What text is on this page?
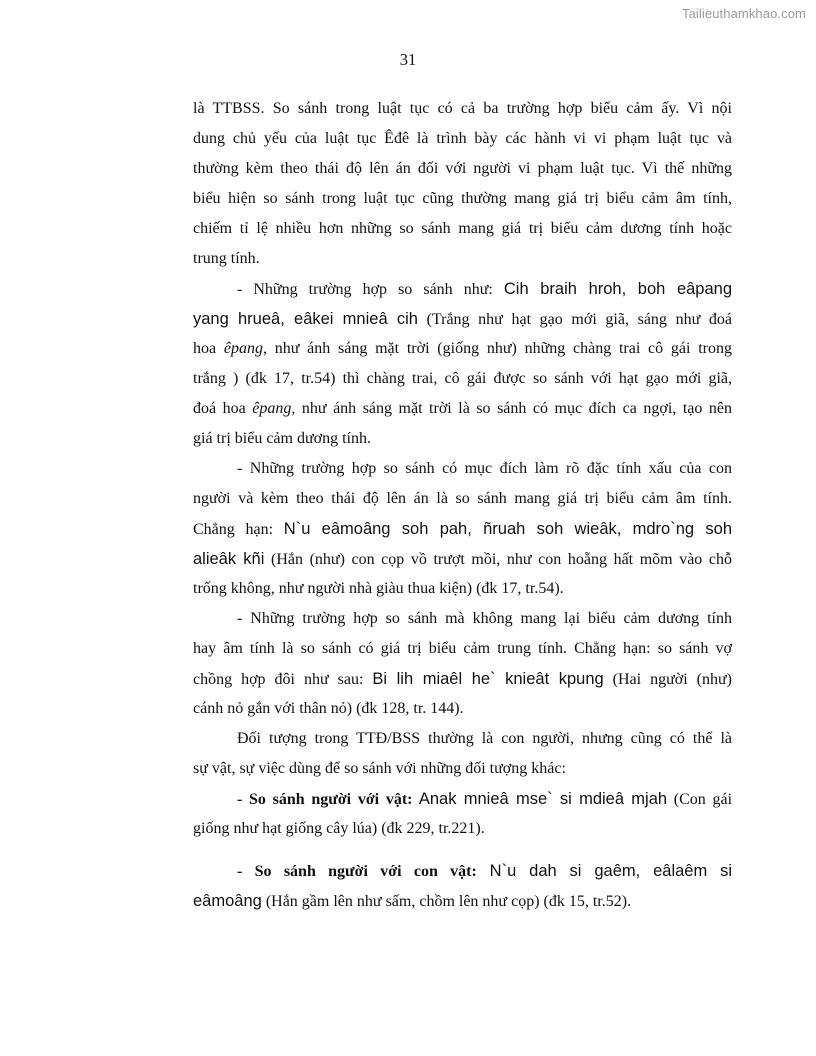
Tailieuthamkhao.com
31
là TTBSS. So sánh trong luật tục có cả ba trường hợp biểu cảm ấy. Vì nội
dung chủ yếu của luật tục Êđê là trình bày các hành vi vi phạm luật tục và
thường kèm theo thái độ lên án đối với người vi phạm luật tục. Vì thế những
biểu hiện so sánh trong luật tục cũng thường mang giá trị biểu cảm âm tính,
chiếm tỉ lệ nhiều hơn những so sánh mang giá trị biểu cảm dương tính hoặc
trung tính.
- Những trường hợp so sánh như: Cih braih hroh, boh eâpang
yang hrueâ, eâkei mnieâ cih (Trắng như hạt gạo mới giã, sáng như đoá
hoa êpang, như ánh sáng mặt trời (giống như) những chàng trai cô gái trong
trắng ) (đk 17, tr.54) thì chàng trai, cô gái được so sánh với hạt gạo mới giã,
đoá hoa êpang, như ánh sáng mặt trời là so sánh có mục đích ca ngợi, tạo nên
giá trị biểu cảm dương tính.
- Những trường hợp so sánh có mục đích làm rõ đặc tính xấu của con
người và kèm theo thái độ lên án là so sánh mang giá trị biểu cảm âm tính.
Chẳng hạn: N`u eâmoâng soh pah, ñruah soh wieâk, mdro`ng soh
alieâk kñi (Hắn (như) con cọp vồ trượt mồi, như con hoẵng hất mõm vào chỗ
trống không, như người nhà giàu thua kiện) (đk 17, tr.54).
- Những trường hợp so sánh mà không mang lại biểu cảm dương tính
hay âm tính là so sánh có giá trị biểu cảm trung tính. Chẳng hạn: so sánh vợ
chồng hợp đôi như sau: Bi lih miaêl he` knieât kpung (Hai người (như)
cánh nỏ gắn với thân nỏ) (đk 128, tr. 144).
Đối tượng trong TTĐ/BSS thường là con người, nhưng cũng có thể là
sự vật, sự việc dùng để so sánh với những đối tượng khác:
- So sánh người với vật: Anak mnieâ mse` si mdieâ mjah (Con gái
giống như hạt giống cây lúa) (đk 229, tr.221).
- So sánh người với con vật: N`u dah si gaêm, eâlaêm si
eâmoâng (Hắn gầm lên như sấm, chồm lên như cọp) (đk 15, tr.52).
